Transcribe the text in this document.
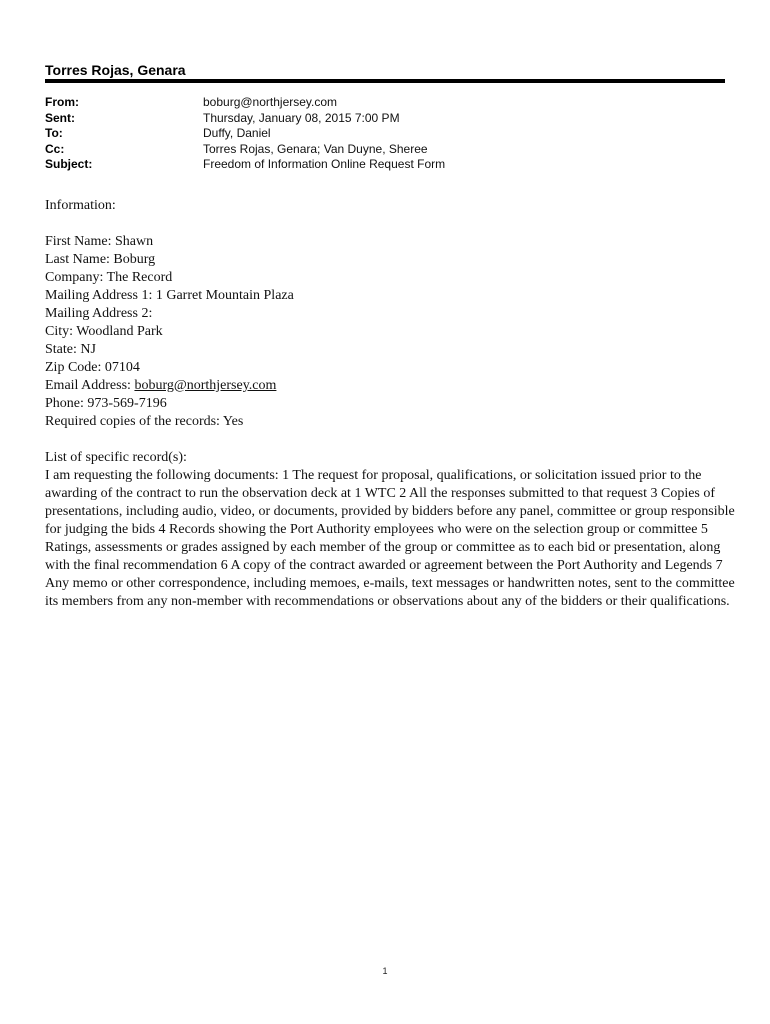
Torres Rojas, Genara
From:	boburg@northjersey.com
Sent:	Thursday, January 08, 2015 7:00 PM
To:	Duffy, Daniel
Cc:	Torres Rojas, Genara; Van Duyne, Sheree
Subject:	Freedom of Information Online Request Form
Information:
First Name: Shawn
Last Name: Boburg
Company: The Record
Mailing Address 1: 1 Garret Mountain Plaza
Mailing Address 2:
City: Woodland Park
State: NJ
Zip Code: 07104
Email Address: boburg@northjersey.com
Phone: 973-569-7196
Required copies of the records: Yes
List of specific record(s):
I am requesting the following documents: 1 The request for proposal, qualifications, or solicitation issued prior to the awarding of the contract to run the observation deck at 1 WTC 2 All the responses submitted to that request 3 Copies of presentations, including audio, video, or documents, provided by bidders before any panel, committee or group responsible for judging the bids 4 Records showing the Port Authority employees who were on the selection group or committee 5 Ratings, assessments or grades assigned by each member of the group or committee as to each bid or presentation, along with the final recommendation 6 A copy of the contract awarded or agreement between the Port Authority and Legends 7 Any memo or other correspondence, including memoes, e-mails, text messages or handwritten notes, sent to the committee its members from any non-member with recommendations or observations about any of the bidders or their qualifications.
1
